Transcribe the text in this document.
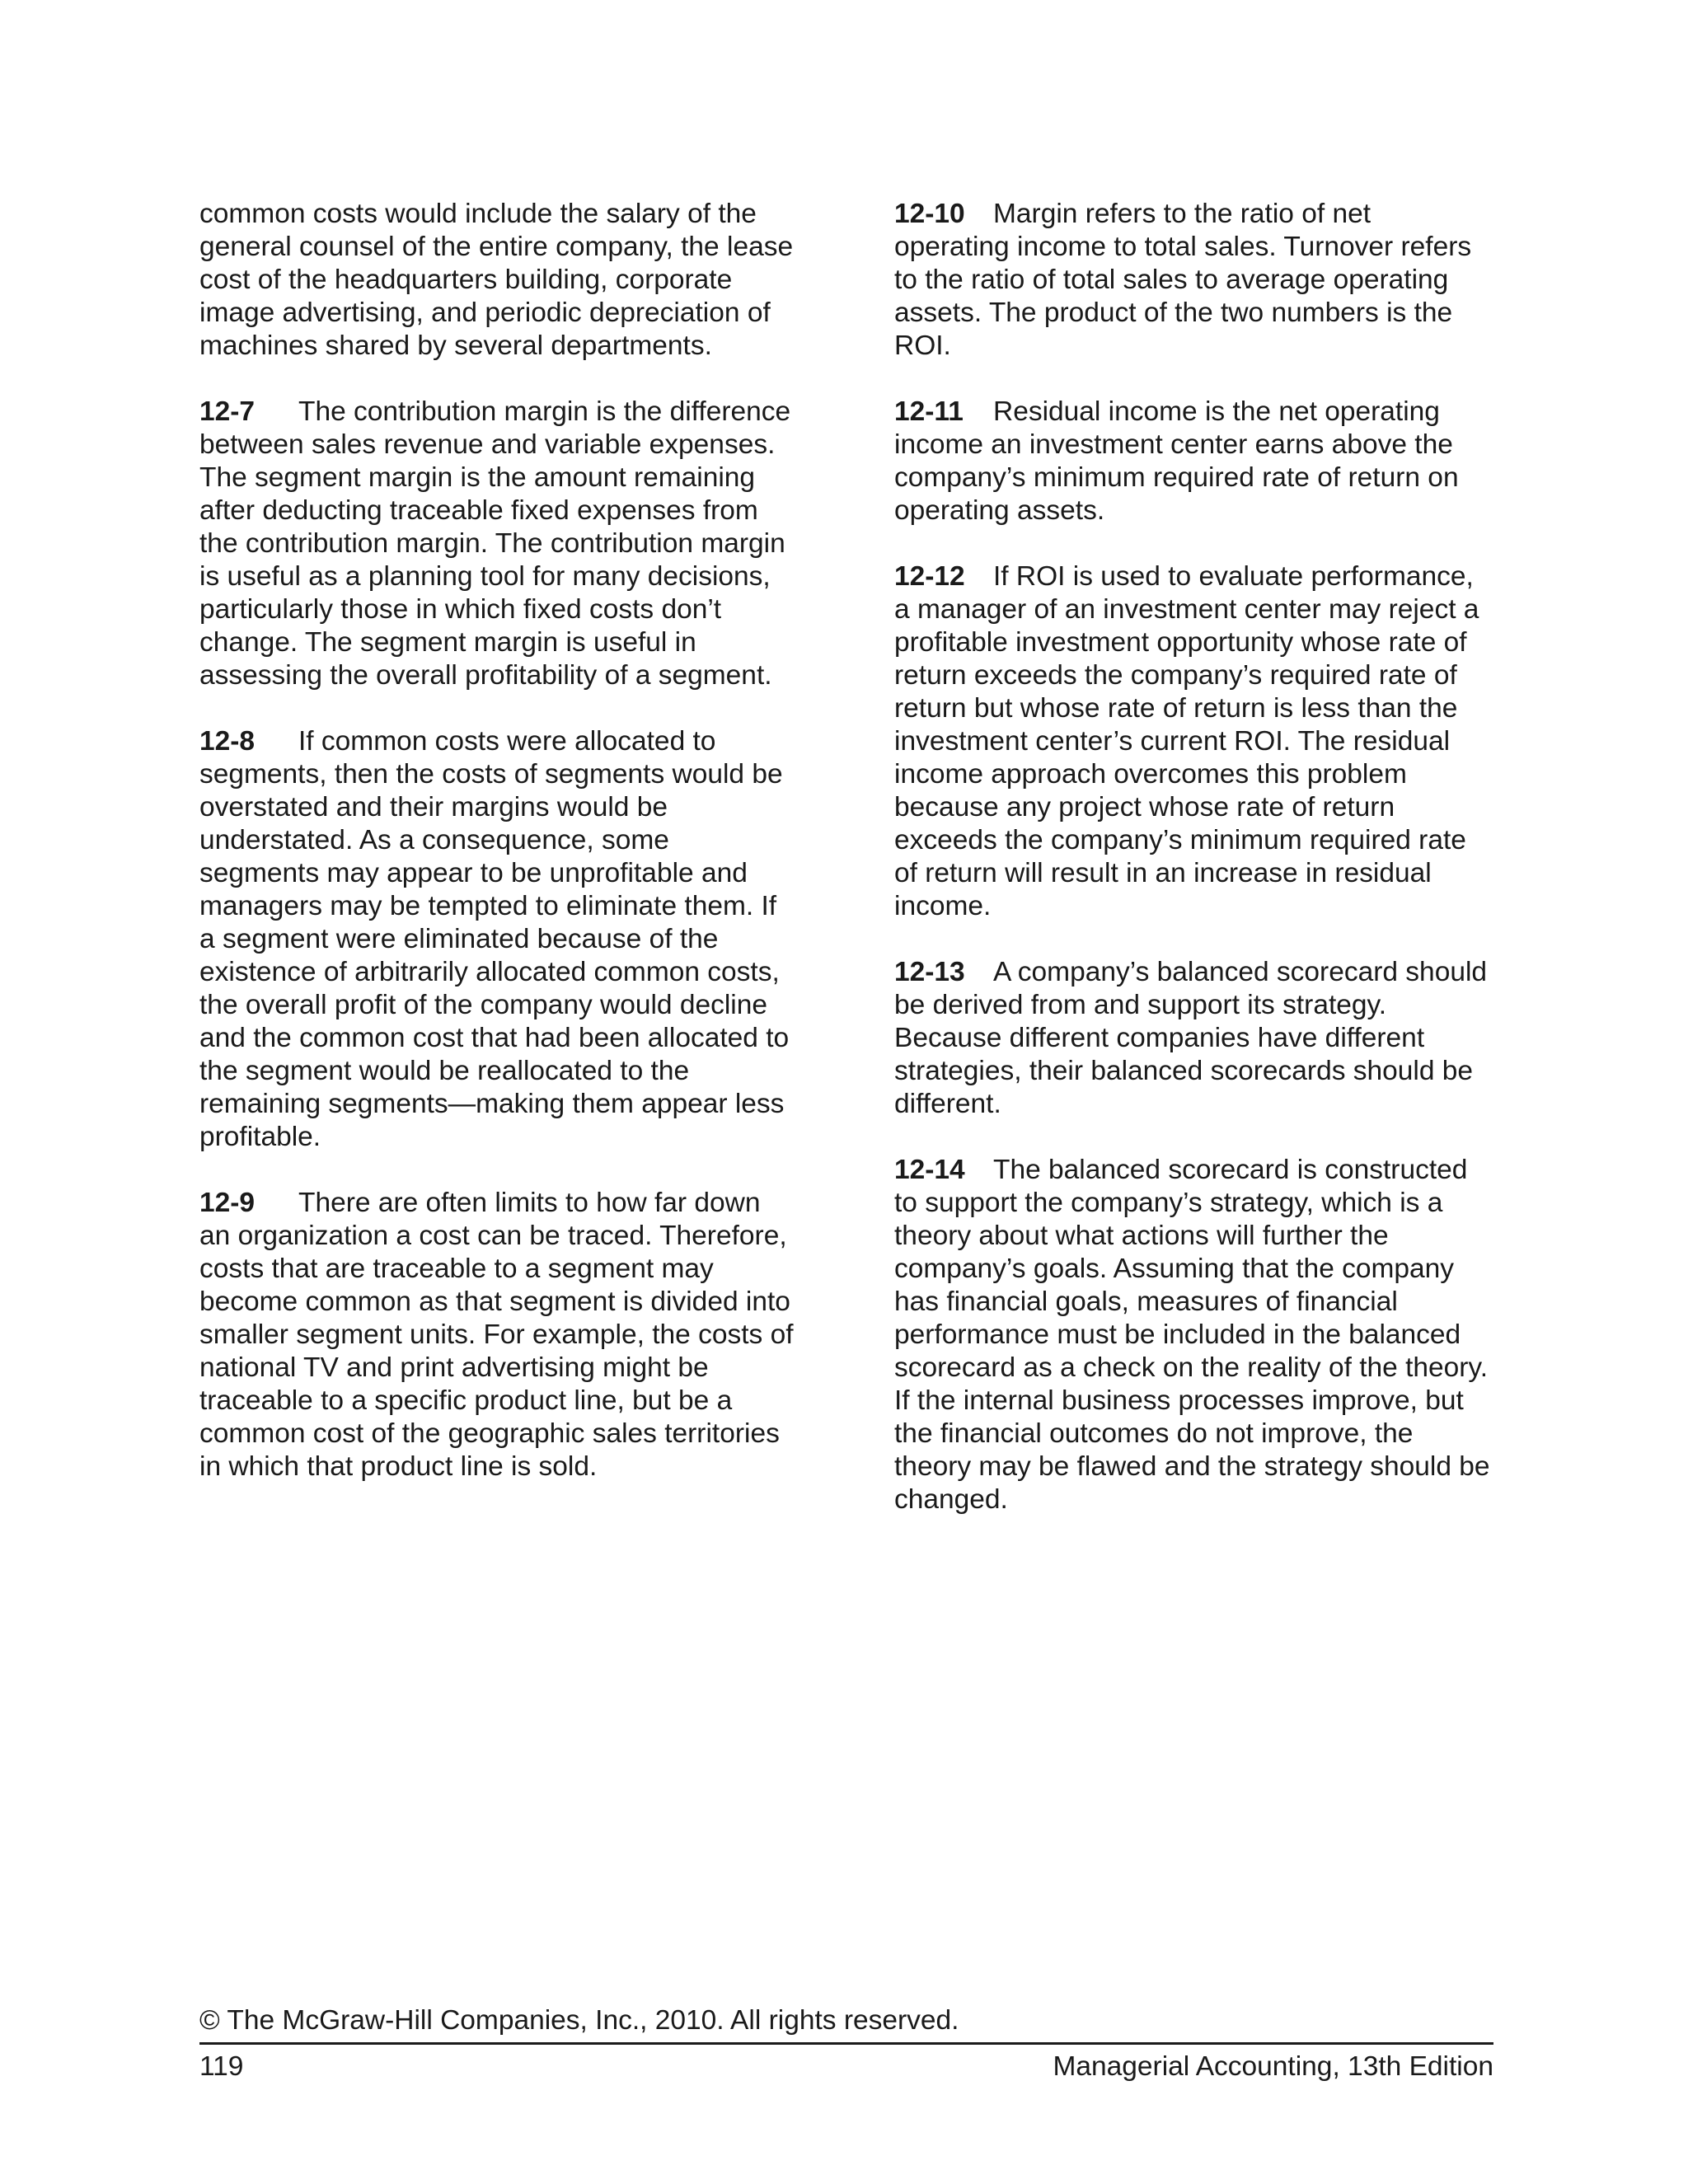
common costs would include the salary of the
general counsel of the entire company, the lease
cost of the headquarters building, corporate
image advertising, and periodic depreciation of
machines shared by several departments.

12-7 The contribution margin is the difference
between sales revenue and variable expenses.
The segment margin is the amount remaining
after deducting traceable fixed expenses from
the contribution margin. The contribution margin
is useful as a planning tool for many decisions,
particularly those in which fixed costs don’t
change. The segment margin is useful in
assessing the overall profitability of a segment.

12-8 If common costs were allocated to
segments, then the costs of segments would be
overstated and their margins would be
understated. As a consequence, some
segments may appear to be unprofitable and
managers may be tempted to eliminate them. If
a segment were eliminated because of the
existence of arbitrarily allocated common costs,
the overall profit of the company would decline
and the common cost that had been allocated to
the segment would be reallocated to the
remaining segments—making them appear less
profitable.

12-9 There are often limits to how far down
an organization a cost can be traced. Therefore,
costs that are traceable to a segment may
become common as that segment is divided into
smaller segment units. For example, the costs of
national TV and print advertising might be
traceable to a specific product line, but be a
common cost of the geographic sales territories
in which that product line is sold.

12-10 Margin refers to the ratio of net
operating income to total sales. Turnover refers
to the ratio of total sales to average operating
assets. The product of the two numbers is the
ROI.

12-11 Residual income is the net operating
income an investment center earns above the
company’s minimum required rate of return on
operating assets.

12-12 If ROI is used to evaluate performance,
a manager of an investment center may reject a
profitable investment opportunity whose rate of
return exceeds the company’s required rate of
return but whose rate of return is less than the
investment center’s current ROI. The residual
income approach overcomes this problem
because any project whose rate of return
exceeds the company’s minimum required rate
of return will result in an increase in residual
income.

12-13 A company’s balanced scorecard should
be derived from and support its strategy.
Because different companies have different
strategies, their balanced scorecards should be
different.

12-14 The balanced scorecard is constructed
to support the company’s strategy, which is a
theory about what actions will further the
company’s goals. Assuming that the company
has financial goals, measures of financial
performance must be included in the balanced
scorecard as a check on the reality of the theory.
If the internal business processes improve, but
the financial outcomes do not improve, the
theory may be flawed and the strategy should be
changed.

© The McGraw-Hill Companies, Inc., 2010. All rights reserved.
119	Managerial Accounting, 13th Edition
